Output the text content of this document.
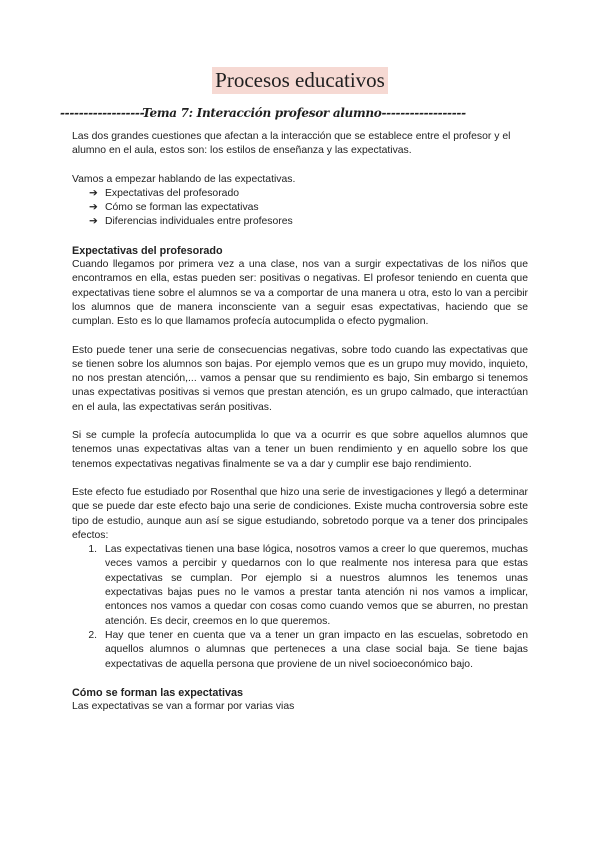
Procesos educativos
------------------Tema 7: Interacción profesor alumno------------------

Las dos grandes cuestiones que afectan a la interacción que se establece entre el profesor y el alumno en el aula, estos son: los estilos de enseñanza y las expectativas.

Vamos a empezar hablando de las expectativas.

➔ Expectativas del profesorado
➔ Cómo se forman las expectativas
➔ Diferencias individuales entre profesores
Expectativas del profesorado

Cuando llegamos por primera vez a una clase, nos van a surgir expectativas de los niños que encontramos en ella, estas pueden ser: positivas o negativas. El profesor teniendo en cuenta que expectativas tiene sobre el alumnos se va a comportar de una manera u otra, esto lo van a percibir los alumnos que de manera inconsciente van a seguir esas expectativas, haciendo que se cumplan. Esto es lo que llamamos profecía autocumplida o efecto pygmalion.

Esto puede tener una serie de consecuencias negativas, sobre todo cuando las expectativas que se tienen sobre los alumnos son bajas. Por ejemplo vemos que es un grupo muy movido, inquieto, no nos prestan atención,... vamos a pensar que su rendimiento es bajo, Sin embargo si tenemos unas expectativas positivas si vemos que prestan atención, es un grupo calmado, que interactúan en el aula, las expectativas serán positivas.

Si se cumple la profecía autocumplida lo que va a ocurrir es que sobre aquellos alumnos que tenemos unas expectativas altas van a tener un buen rendimiento y en aquello sobre los que tenemos expectativas negativas finalmente se va a dar y cumplir ese bajo rendimiento.

Este efecto fue estudiado por Rosenthal que hizo una serie de investigaciones y llegó a determinar que se puede dar este efecto bajo una serie de condiciones. Existe mucha controversia sobre este tipo de estudio, aunque aun así se sigue estudiando, sobretodo porque va a tener dos principales efectos:

1. Las expectativas tienen una base lógica, nosotros vamos a creer lo que queremos, muchas veces vamos a percibir y quedarnos con lo que realmente nos interesa para que estas expectativas se cumplan. Por ejemplo si a nuestros alumnos les tenemos unas expectativas bajas pues no le vamos a prestar tanta atención ni nos vamos a implicar, entonces nos vamos a quedar con cosas como cuando vemos que se aburren, no prestan atención. Es decir, creemos en lo que queremos.
2. Hay que tener en cuenta que va a tener un gran impacto en las escuelas, sobretodo en aquellos alumnos o alumnas que perteneces a una clase social baja. Se tiene bajas expectativas de aquella persona que proviene de un nivel socioeconómico bajo.
Cómo se forman las expectativas

Las expectativas se van a formar por varias vias
